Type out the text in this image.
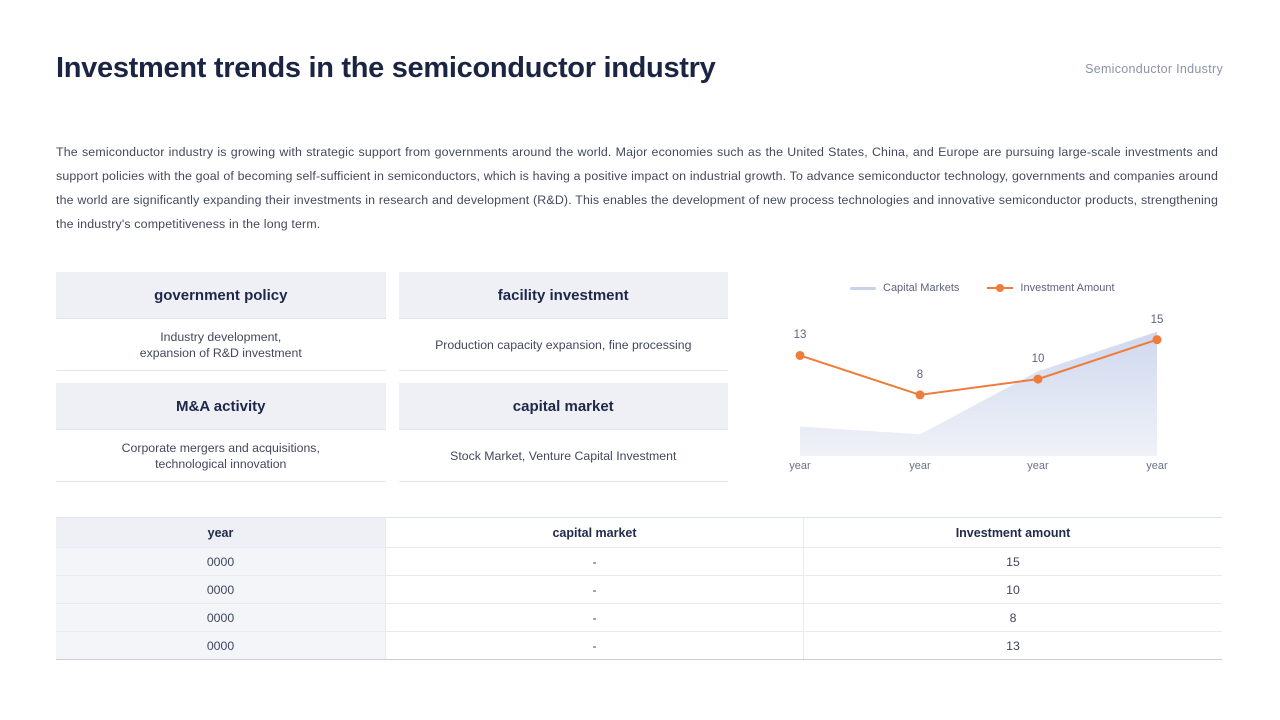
Investment trends in the semiconductor industry	Semiconductor Industry
The semiconductor industry is growing with strategic support from governments around the world. Major economies such as the United States, China, and Europe are pursuing large-scale investments and support policies with the goal of becoming self-sufficient in semiconductors, which is having a positive impact on industrial growth. To advance semiconductor technology, governments and companies around the world are significantly expanding their investments in research and development (R&D). This enables the development of new process technologies and innovative semiconductor products, strengthening the industry's competitiveness in the long term.
government policy
Industry development,
expansion of R&D investment
facility investment
Production capacity expansion, fine processing
M&A activity
Corporate mergers and acquisitions,
technological innovation
capital market
Stock Market, Venture Capital Investment
Capital Markets	Investment Amount
13
8
10
15
year	year	year	year
year	capital market	Investment amount
0000	-	15
0000	-	10
0000	-	8
0000	-	13
